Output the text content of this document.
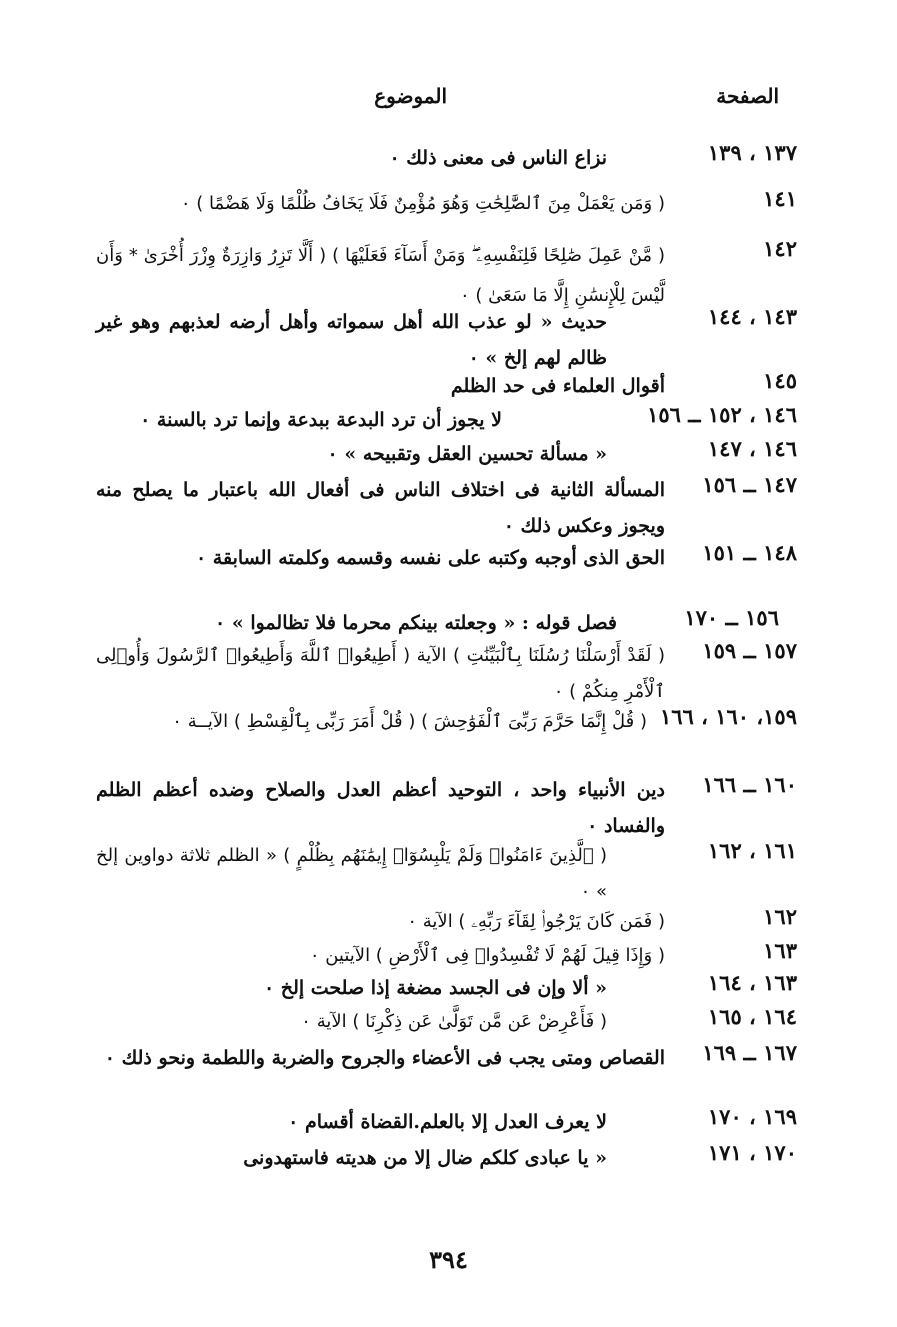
الصفحة
الموضوع
١٣٧ ، ١٣٩
نزاع الناس فى معنى ذلك ٠
١٤١
( وَمَن يَعْمَلْ مِنَ ٱلصَّٰلِحَٰتِ وَهُوَ مُؤْمِنٌ فَلَا يَخَافُ ظُلْمًا وَلَا هَضْمًا ) ٠
١٤٢
( مَّنْ عَمِلَ صَٰلِحًا فَلِنَفْسِهِۦ ۖ وَمَنْ أَسَآءَ فَعَلَيْهَا ) ( أَلَّا تَزِرُ وَازِرَةٌ وِزْرَ أُخْرَىٰ * وَأَن لَّيْسَ لِلْإِنسَٰنِ إِلَّا مَا سَعَىٰ ) ٠
١٤٣ ، ١٤٤
حديث « لو عذب الله أهل سمواته وأهل أرضه لعذبهم وهو غير ظالم لهم إلخ » ٠
١٤٥
أقوال العلماء فى حد الظلم
١٤٦ ، ١٥٢ ــ ١٥٦
لا يجوز أن ترد البدعة ببدعة وإنما ترد بالسنة ٠
١٤٦ ، ١٤٧
« مسألة تحسين العقل وتقبيحه » ٠
١٤٧ ــ ١٥٦
المسألة الثانية فى اختلاف الناس فى أفعال الله باعتبار ما يصلح منه ويجوز وعكس ذلك ٠
١٤٨ ــ ١٥١
الحق الذى أوجبه وكتبه على نفسه وقسمه وكلمته السابقة ٠
١٥٦ ــ ١٧٠
فصل قوله : « وجعلته بينكم محرما فلا تظالموا » ٠
١٥٧ ــ ١٥٩
( لَقَدْ أَرْسَلْنَا رُسُلَنَا بِٱلْبَيِّنَٰتِ ) الآية ( أَطِيعُوا۟ ٱللَّهَ وَأَطِيعُوا۟ ٱلرَّسُولَ وَأُو۟لِى ٱلْأَمْرِ مِنكُمْ ) ٠
١٥٩، ١٦٠ ، ١٦٦
( قُلْ إِنَّمَا حَرَّمَ رَبِّىَ ٱلْفَوَٰحِشَ ) ( قُلْ أَمَرَ رَبِّى بِٱلْقِسْطِ ) الآيــة ٠
١٦٠ ــ ١٦٦
دين الأنبياء واحد ، التوحيد أعظم العدل والصلاح وضده أعظم الظلم والفساد ٠
١٦١ ، ١٦٢
( ٱلَّذِينَ ءَامَنُوا۟ وَلَمْ يَلْبِسُوٓا۟ إِيمَٰنَهُم بِظُلْمٍ ) « الظلم ثلاثة دواوين إلخ » ٠
١٦٢
( فَمَن كَانَ يَرْجُوا۟ لِقَآءَ رَبِّهِۦ ) الآية ٠
١٦٣
( وَإِذَا قِيلَ لَهُمْ لَا تُفْسِدُوا۟ فِى ٱلْأَرْضِ ) الآيتين ٠
١٦٣ ، ١٦٤
« ألا وإن فى الجسد مضغة إذا صلحت إلخ ٠
١٦٤ ، ١٦٥
( فَأَعْرِضْ عَن مَّن تَوَلَّىٰ عَن ذِكْرِنَا ) الآية ٠
١٦٧ ــ ١٦٩
القصاص ومتى يجب فى الأعضاء والجروح والضربة واللطمة ونحو ذلك ٠
١٦٩ ، ١٧٠
لا يعرف العدل إلا بالعلم.القضاة أقسام ٠
١٧٠ ، ١٧١
« يا عبادى كلكم ضال إلا من هديته فاستهدونى
٣٩٤
